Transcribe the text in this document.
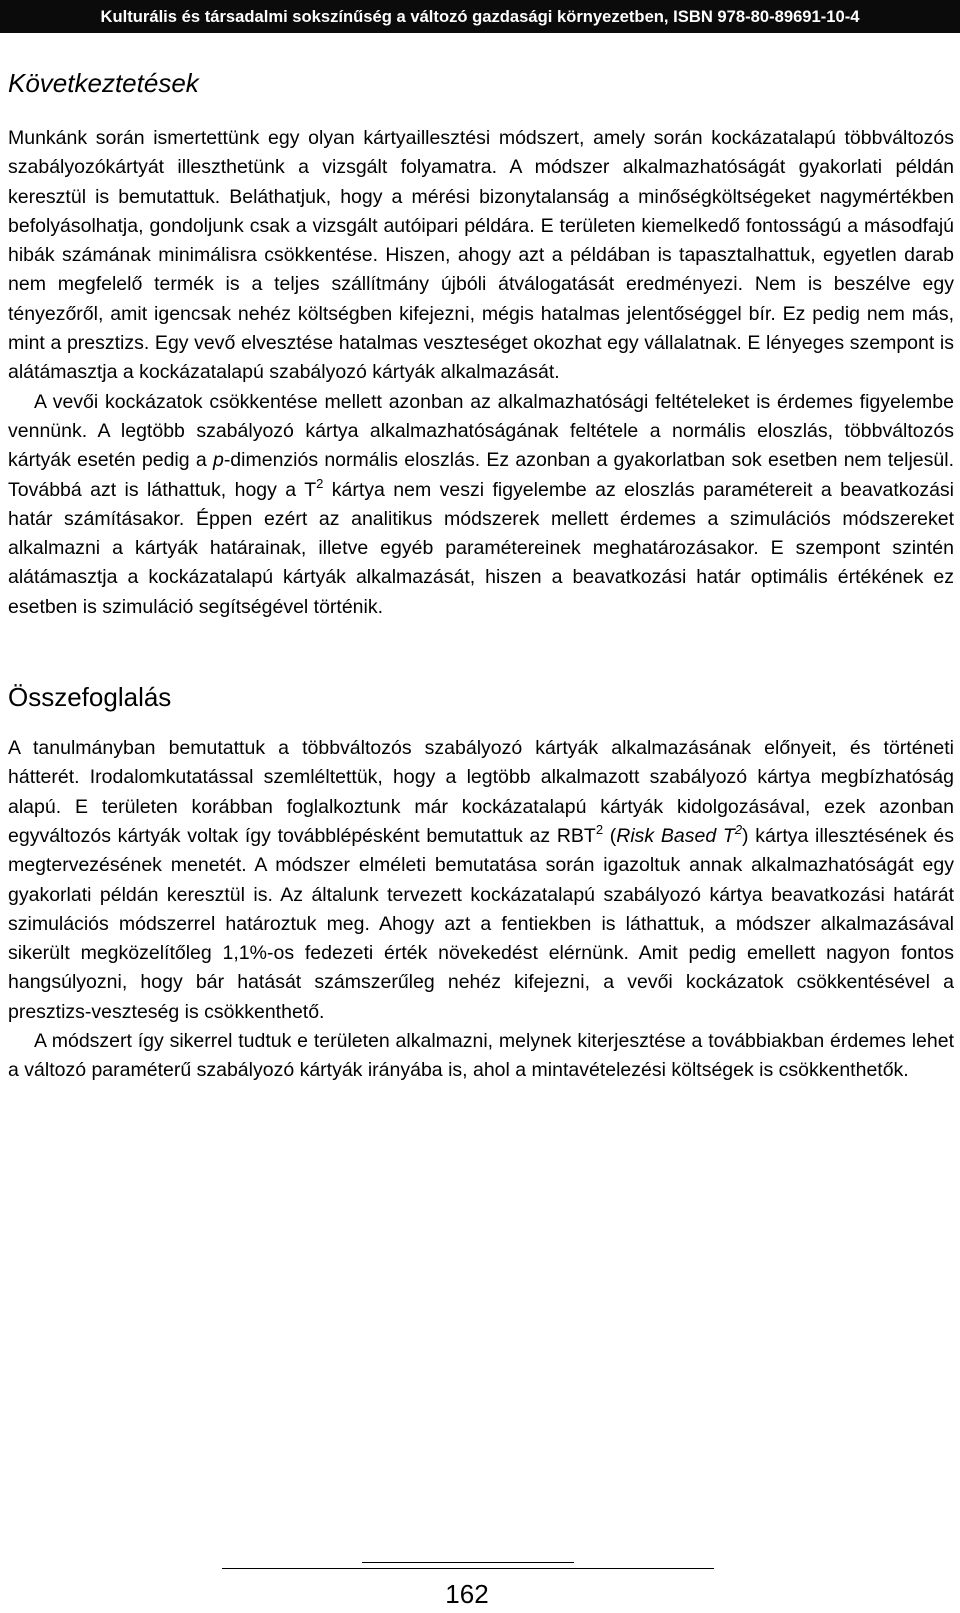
Kulturális és társadalmi sokszínűség a változó gazdasági környezetben, ISBN 978-80-89691-10-4
Következtetések

Munkánk során ismertettünk egy olyan kártyaillesztési módszert, amely során kockázatalapú többváltozós szabályozókártyát illeszthetünk a vizsgált folyamatra. A módszer alkalmazhatóságát gyakorlati példán keresztül is bemutattuk. Beláthatjuk, hogy a mérési bizonytalanság a minőségköltségeket nagymértékben befolyásolhatja, gondoljunk csak a vizsgált autóipari példára. E területen kiemelkedő fontosságú a másodfajú hibák számának minimálisra csökkentése. Hiszen, ahogy azt a példában is tapasztalhattuk, egyetlen darab nem megfelelő termék is a teljes szállítmány újbóli átválogatását eredményezi. Nem is beszélve egy tényezőről, amit igencsak nehéz költségben kifejezni, mégis hatalmas jelentőséggel bír. Ez pedig nem más, mint a presztizs. Egy vevő elvesztése hatalmas veszteséget okozhat egy vállalatnak. E lényeges szempont is alátámasztja a kockázatalapú szabályozó kártyák alkalmazását.

A vevői kockázatok csökkentése mellett azonban az alkalmazhatósági feltételeket is érdemes figyelembe vennünk. A legtöbb szabályozó kártya alkalmazhatóságának feltétele a normális eloszlás, többváltozós kártyák esetén pedig a p-dimenziós normális eloszlás. Ez azonban a gyakorlatban sok esetben nem teljesül. Továbbá azt is láthattuk, hogy a $T^2$ kártya nem veszi figyelembe az eloszlás paramétereit a beavatkozási határ számításakor. Éppen ezért az analitikus módszerek mellett érdemes a szimulációs módszereket alkalmazni a kártyák határainak, illetve egyéb paramétereinek meghatározásakor. E szempont szintén alátámasztja a kockázatalapú kártyák alkalmazását, hiszen a beavatkozási határ optimális értékének ez esetben is szimuláció segítségével történik.

Összefoglalás

A tanulmányban bemutattuk a többváltozós szabályozó kártyák alkalmazásának előnyeit, és történeti hátterét. Irodalomkutatással szemléltettük, hogy a legtöbb alkalmazott szabályozó kártya megbízhatóság alapú. E területen korábban foglalkoztunk már kockázatalapú kártyák kidolgozásával, ezek azonban egyváltozós kártyák voltak így továbblépésként bemutattuk az RBT$^2$ (Risk Based $T^2$) kártya illesztésének és megtervezésének menetét. A módszer elméleti bemutatása során igazoltuk annak alkalmazhatóságát egy gyakorlati példán keresztül is. Az általunk tervezett kockázatalapú szabályozó kártya beavatkozási határát szimulációs módszerrel határoztuk meg. Ahogy azt a fentiekben is láthattuk, a módszer alkalmazásával sikerült megközelítőleg 1,1%-os fedezeti érték növekedést elérnünk. Amit pedig emellett nagyon fontos hangsúlyozni, hogy bár hatását számszerűleg nehéz kifejezni, a vevői kockázatok csökkentésével a presztizs-veszteség is csökkenthető.

A módszert így sikerrel tudtuk e területen alkalmazni, melynek kiterjesztése a továbbiakban érdemes lehet a változó paraméterű szabályozó kártyák irányába is, ahol a mintavételezési költségek is csökkenthetők.

162
